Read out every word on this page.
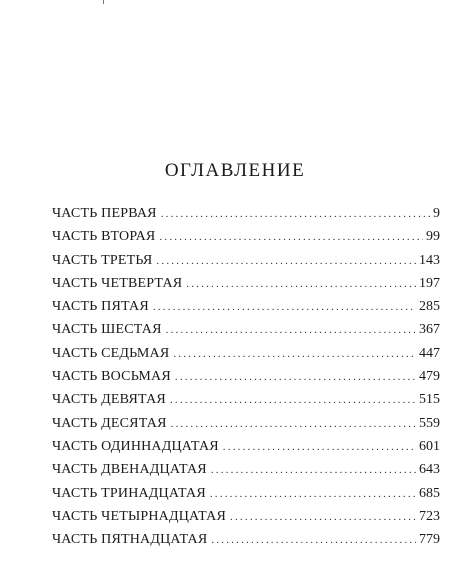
ОГЛАВЛЕНИЕ
ЧАСТЬ ПЕРВАЯ .....	9
ЧАСТЬ ВТОРАЯ .....	99
ЧАСТЬ ТРЕТЬЯ .....	143
ЧАСТЬ ЧЕТВЕРТАЯ .....	197
ЧАСТЬ ПЯТАЯ .....	285
ЧАСТЬ ШЕСТАЯ .....	367
ЧАСТЬ СЕДЬМАЯ .....	447
ЧАСТЬ ВОСЬМАЯ .....	479
ЧАСТЬ ДЕВЯТАЯ .....	515
ЧАСТЬ ДЕСЯТАЯ .....	559
ЧАСТЬ ОДИННАДЦАТАЯ .....	601
ЧАСТЬ ДВЕНАДЦАТАЯ .....	643
ЧАСТЬ ТРИНАДЦАТАЯ .....	685
ЧАСТЬ ЧЕТЫРНАДЦАТАЯ .....	723
ЧАСТЬ ПЯТНАДЦАТАЯ .....	779
